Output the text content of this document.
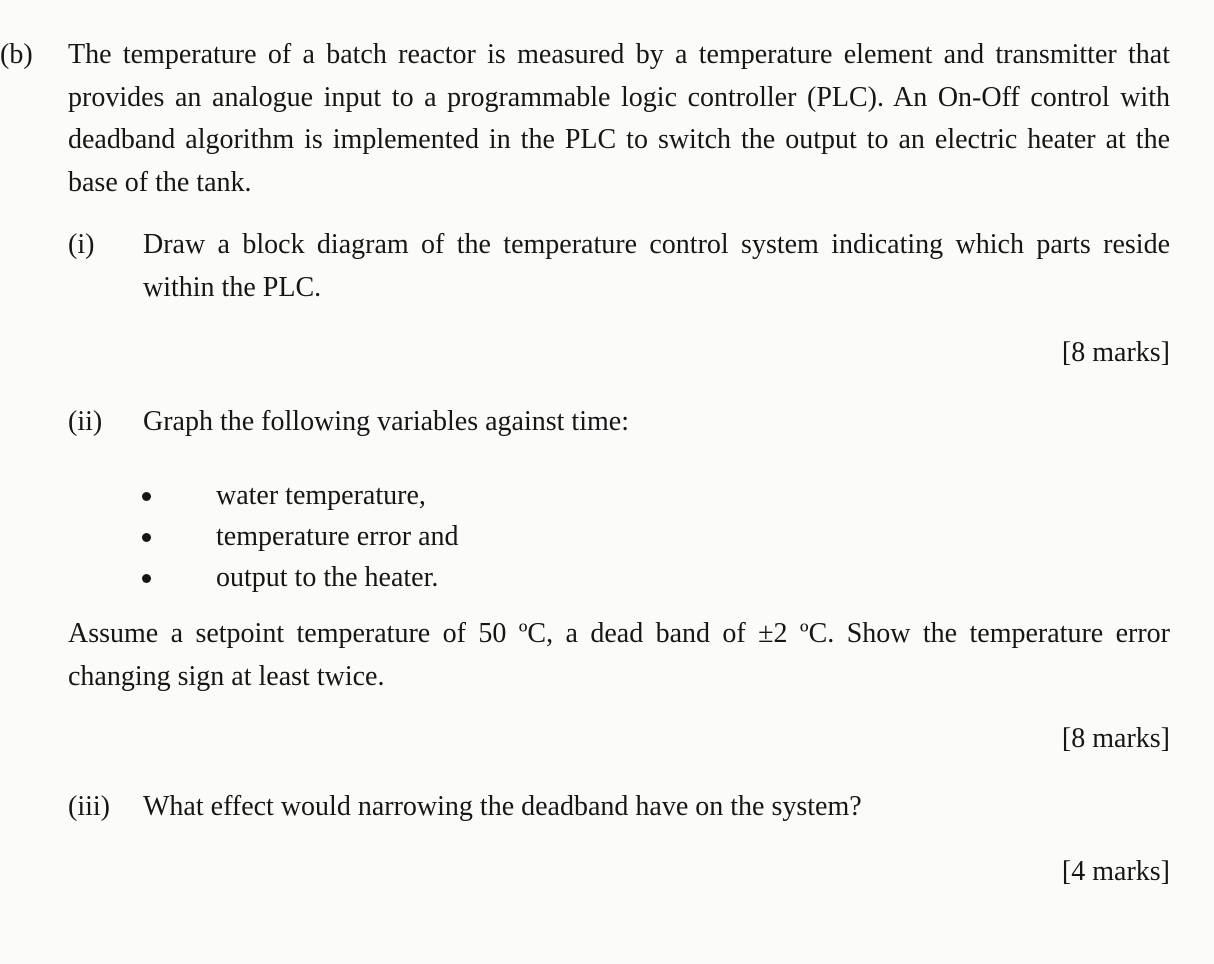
(b) The temperature of a batch reactor is measured by a temperature element and transmitter that provides an analogue input to a programmable logic controller (PLC). An On-Off control with deadband algorithm is implemented in the PLC to switch the output to an electric heater at the base of the tank.
(i) Draw a block diagram of the temperature control system indicating which parts reside within the PLC.
[8 marks]
(ii) Graph the following variables against time:
water temperature,
temperature error and
output to the heater.
Assume a setpoint temperature of 50 ºC, a dead band of ±2 ºC. Show the temperature error changing sign at least twice.
[8 marks]
(iii) What effect would narrowing the deadband have on the system?
[4 marks]
